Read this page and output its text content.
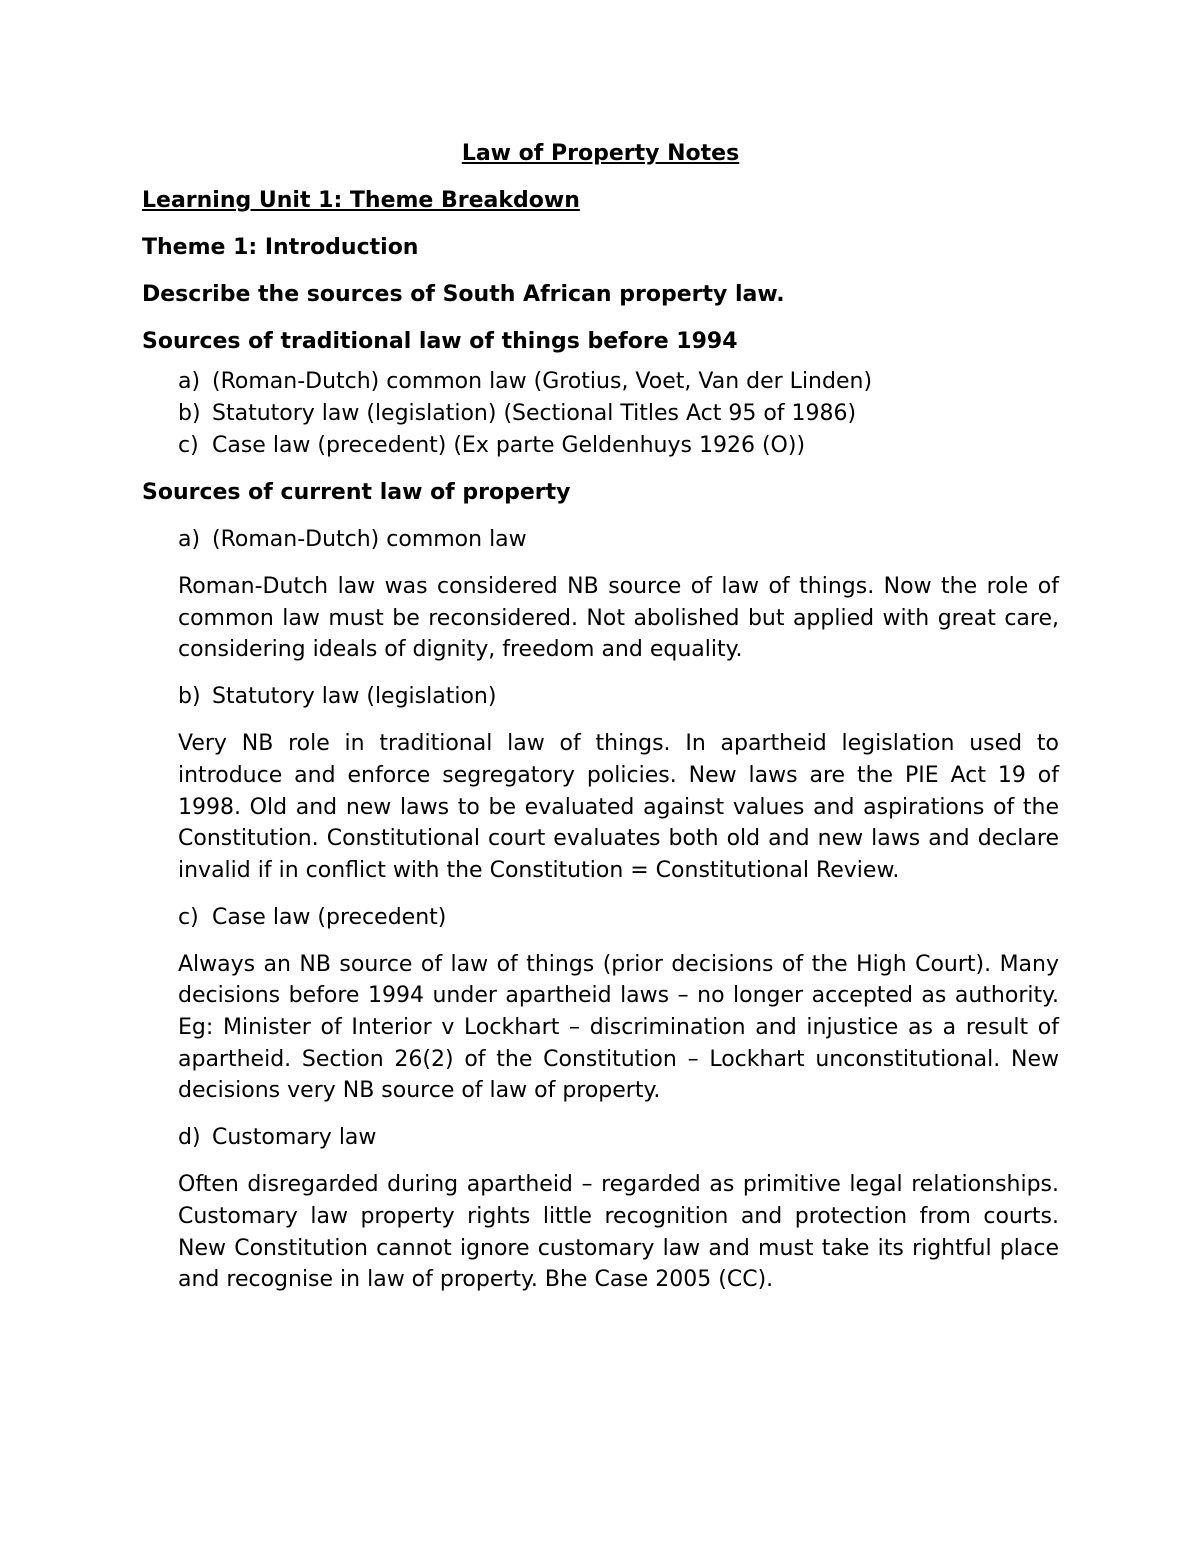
Law of Property Notes
Learning Unit 1: Theme Breakdown
Theme 1: Introduction
Describe the sources of South African property law.
Sources of traditional law of things before 1994
a) (Roman-Dutch) common law (Grotius, Voet, Van der Linden)
b) Statutory law (legislation) (Sectional Titles Act 95 of 1986)
c) Case law (precedent) (Ex parte Geldenhuys 1926 (O))
Sources of current law of property
a) (Roman-Dutch) common law
Roman-Dutch law was considered NB source of law of things. Now the role of common law must be reconsidered. Not abolished but applied with great care, considering ideals of dignity, freedom and equality.
b) Statutory law (legislation)
Very NB role in traditional law of things. In apartheid legislation used to introduce and enforce segregatory policies. New laws are the PIE Act 19 of 1998. Old and new laws to be evaluated against values and aspirations of the Constitution. Constitutional court evaluates both old and new laws and declare invalid if in conflict with the Constitution = Constitutional Review.
c) Case law (precedent)
Always an NB source of law of things (prior decisions of the High Court). Many decisions before 1994 under apartheid laws – no longer accepted as authority. Eg: Minister of Interior v Lockhart – discrimination and injustice as a result of apartheid. Section 26(2) of the Constitution – Lockhart unconstitutional. New decisions very NB source of law of property.
d) Customary law
Often disregarded during apartheid – regarded as primitive legal relationships. Customary law property rights little recognition and protection from courts. New Constitution cannot ignore customary law and must take its rightful place and recognise in law of property. Bhe Case 2005 (CC).
